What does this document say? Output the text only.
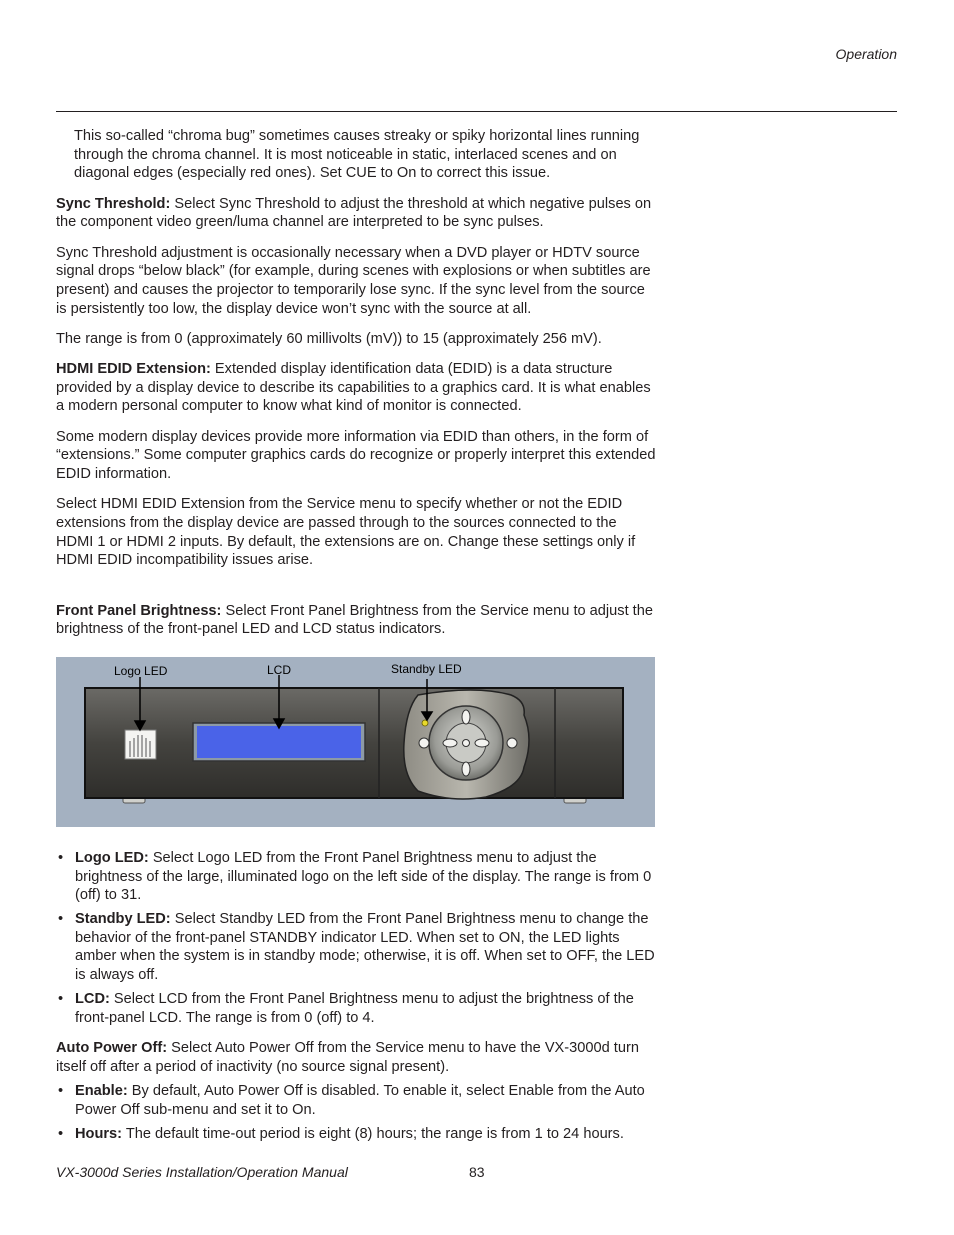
Operation

This so-called “chroma bug” sometimes causes streaky or spiky horizontal lines running through the chroma channel. It is most noticeable in static, interlaced scenes and on diagonal edges (especially red ones). Set CUE to On to correct this issue.

Sync Threshold: Select Sync Threshold to adjust the threshold at which negative pulses on the component video green/luma channel are interpreted to be sync pulses.

Sync Threshold adjustment is occasionally necessary when a DVD player or HDTV source signal drops “below black” (for example, during scenes with explosions or when subtitles are present) and causes the projector to temporarily lose sync. If the sync level from the source is persistently too low, the display device won’t sync with the source at all.

The range is from 0 (approximately 60 millivolts (mV)) to 15 (approximately 256 mV).

HDMI EDID Extension: Extended display identification data (EDID) is a data structure provided by a display device to describe its capabilities to a graphics card. It is what enables a modern personal computer to know what kind of monitor is connected.

Some modern display devices provide more information via EDID than others, in the form of “extensions.” Some computer graphics cards do recognize or properly interpret this extended EDID information.

Select HDMI EDID Extension from the Service menu to specify whether or not the EDID extensions from the display device are passed through to the sources connected to the HDMI 1 or HDMI 2 inputs. By default, the extensions are on. Change these settings only if HDMI EDID incompatibility issues arise.

Front Panel Brightness: Select Front Panel Brightness from the Service menu to adjust the brightness of the front-panel LED and LCD status indicators.

Logo LED	LCD	Standby LED
• Logo LED: Select Logo LED from the Front Panel Brightness menu to adjust the brightness of the large, illuminated logo on the left side of the display. The range is from 0 (off) to 31.
• Standby LED: Select Standby LED from the Front Panel Brightness menu to change the behavior of the front-panel STANDBY indicator LED. When set to ON, the LED lights amber when the system is in standby mode; otherwise, it is off. When set to OFF, the LED is always off.
• LCD: Select LCD from the Front Panel Brightness menu to adjust the brightness of the front-panel LCD. The range is from 0 (off) to 4.

Auto Power Off: Select Auto Power Off from the Service menu to have the VX-3000d turn itself off after a period of inactivity (no source signal present).

• Enable: By default, Auto Power Off is disabled. To enable it, select Enable from the Auto Power Off sub-menu and set it to On.
• Hours: The default time-out period is eight (8) hours; the range is from 1 to 24 hours.
VX-3000d Series Installation/Operation Manual	83
